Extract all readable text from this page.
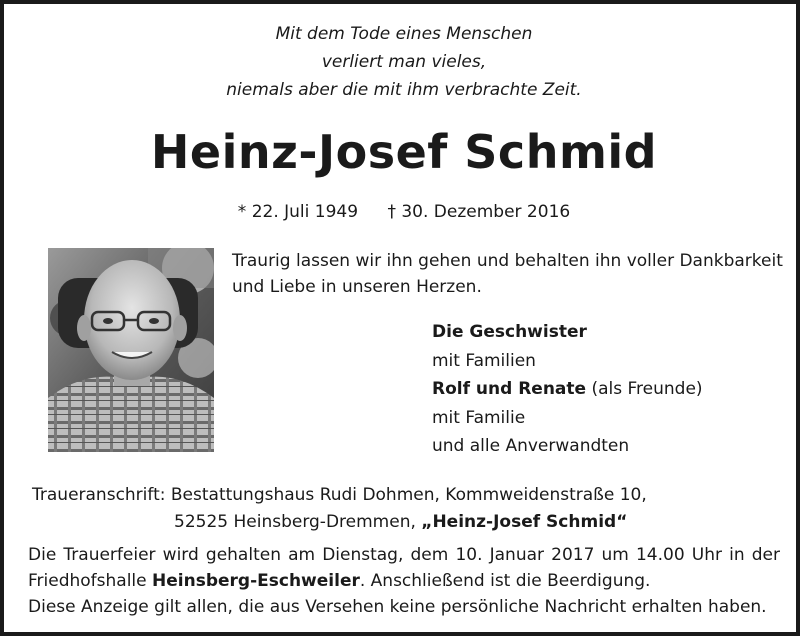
Mit dem Tode eines Menschen
verliert man vieles,
niemals aber die mit ihm verbrachte Zeit.
Heinz-Josef Schmid
* 22. Juli 1949 † 30. Dezember 2016
Traurig lassen wir ihn gehen und behalten ihn voller Dankbarkeit
und Liebe in unseren Herzen.
Die Geschwister
mit Familien
Rolf und Renate (als Freunde)
mit Familie
und alle Anverwandten
Traueranschrift: Bestattungshaus Rudi Dohmen, Kommweidenstraße 10,
52525 Heinsberg-Dremmen, „Heinz-Josef Schmid“
Die Trauerfeier wird gehalten am Dienstag, dem 10. Januar 2017 um 14.00 Uhr in der
Friedhofshalle Heinsberg-Eschweiler. Anschließend ist die Beerdigung.
Diese Anzeige gilt allen, die aus Versehen keine persönliche Nachricht erhalten haben.
